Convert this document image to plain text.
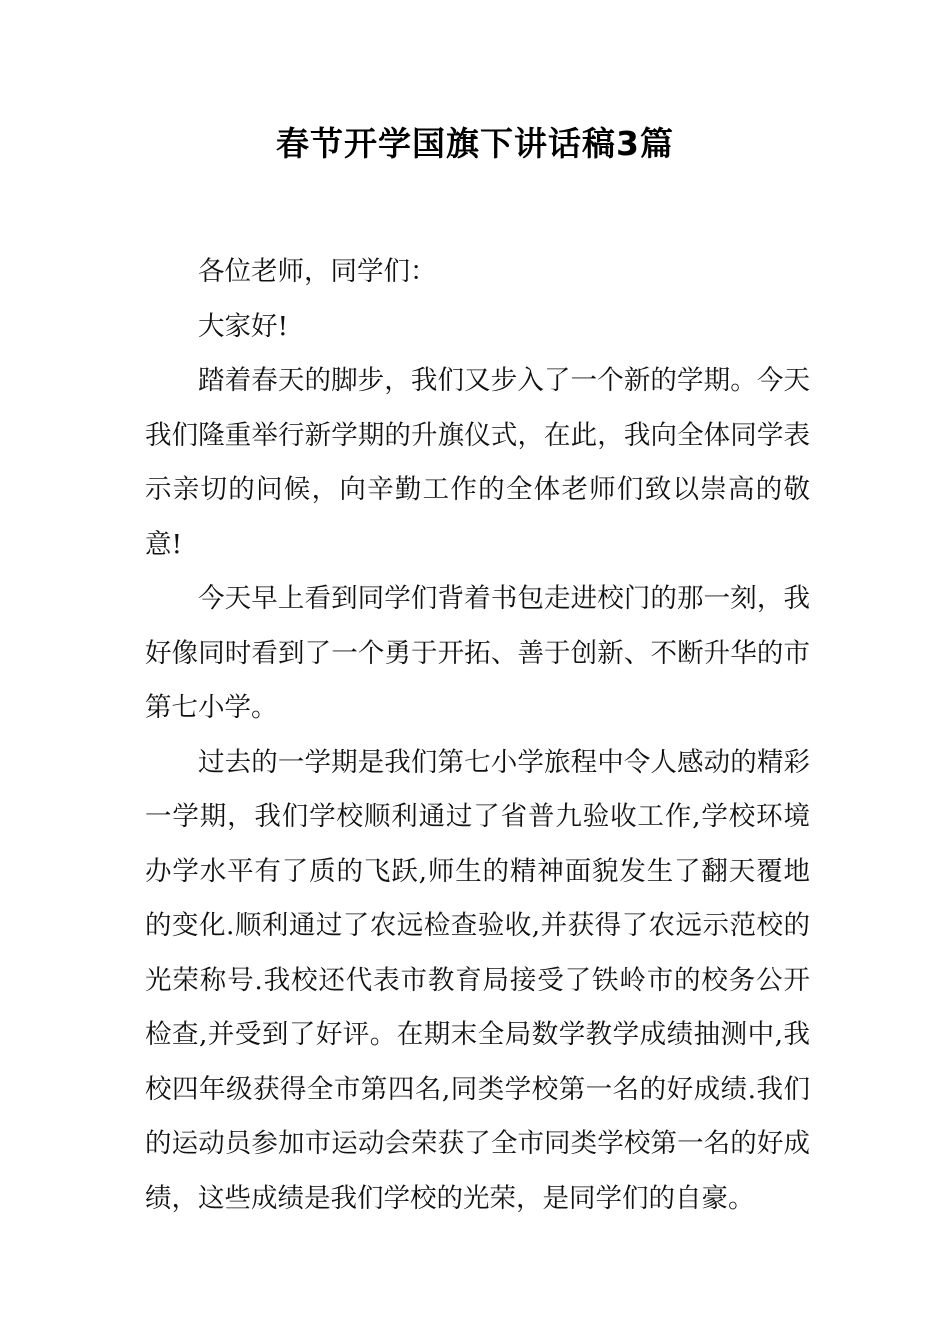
春节开学国旗下讲话稿3篇

各位老师，同学们：

大家好!

踏着春天的脚步，我们又步入了一个新的学期。今天我们隆重举行新学期的升旗仪式，在此，我向全体同学表示亲切的问候，向辛勤工作的全体老师们致以崇高的敬意!

今天早上看到同学们背着书包走进校门的那一刻，我好像同时看到了一个勇于开拓、善于创新、不断升华的市第七小学。

过去的一学期是我们第七小学旅程中令人感动的精彩一学期，我们学校顺利通过了省普九验收工作,学校环境办学水平有了质的飞跃,师生的精神面貌发生了翻天覆地的变化.顺利通过了农远检查验收,并获得了农远示范校的光荣称号.我校还代表市教育局接受了铁岭市的校务公开检查,并受到了好评。在期末全局数学教学成绩抽测中,我校四年级获得全市第四名,同类学校第一名的好成绩.我们的运动员参加市运动会荣获了全市同类学校第一名的好成绩，这些成绩是我们学校的光荣，是同学们的自豪。
